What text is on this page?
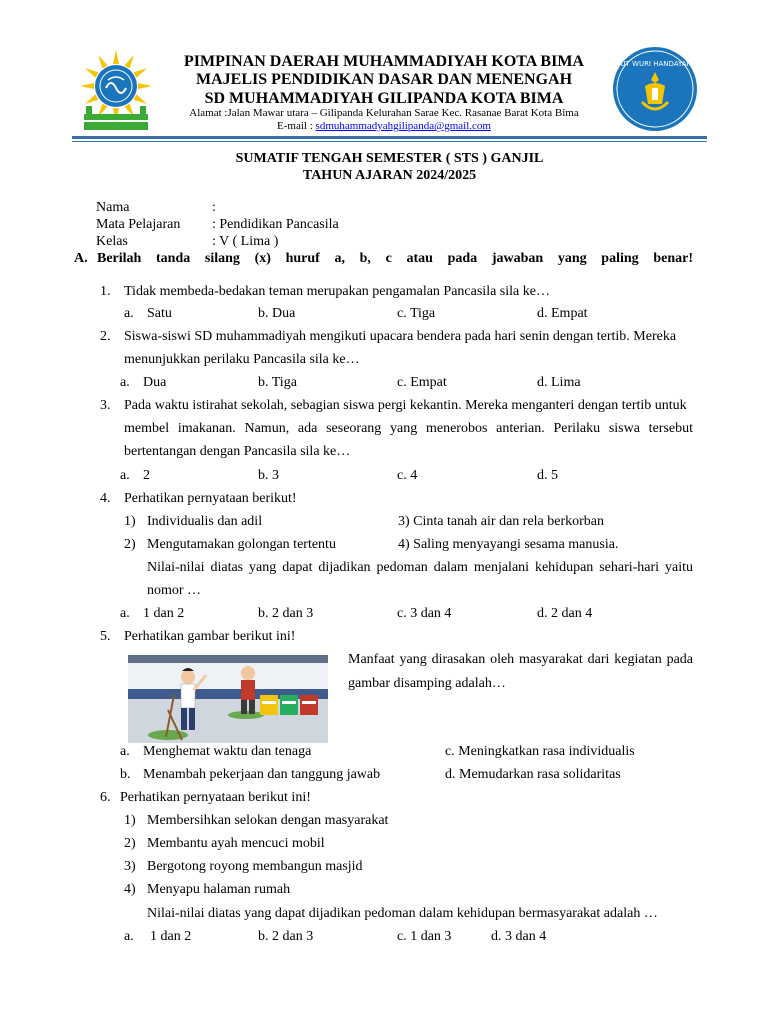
TUT WURI HANDAYANI
PIMPINAN DAERAH MUHAMMADIYAH KOTA BIMA
MAJELIS PENDIDIKAN DASAR DAN MENENGAH
SD MUHAMMADIYAH GILIPANDA KOTA BIMA
Alamat :Jalan Mawar utara – Gilipanda Kelurahan Sarae Kec. Rasanae Barat Kota Bima
E-mail : sdmuhammadyahgilipanda@gmail.com
SUMATIF TENGAH SEMESTER ( STS ) GANJIL
TAHUN AJARAN 2024/2025
Nama	:
Mata Pelajaran : Pendidikan Pancasila
Kelas	: V ( Lima )
A. Berilah tanda silang (x) huruf a, b, c atau pada jawaban yang paling benar!
1. Tidak membeda-bedakan teman merupakan pengamalan Pancasila sila ke…
a. Satu	b. Dua	c. Tiga	d. Empat
2. Siswa-siswi SD muhammadiyah mengikuti upacara bendera pada hari senin dengan tertib. Mereka
menunjukkan perilaku Pancasila sila ke…
a. Dua	b. Tiga	c. Empat	d. Lima
3. Pada waktu istirahat sekolah, sebagian siswa pergi kekantin. Mereka menganteri dengan tertib untuk
membel imakanan. Namun, ada seseorang yang menerobos anterian. Perilaku siswa tersebut
bertentangan dengan Pancasila sila ke…
a. 2	b. 3	c. 4	d. 5
4. Perhatikan pernyataan berikut!
1) Individualis dan adil	3) Cinta tanah air dan rela berkorban
2) Mengutamakan golongan tertentu	4) Saling menyayangi sesama manusia.
Nilai-nilai diatas yang dapat dijadikan pedoman dalam menjalani kehidupan sehari-hari yaitu
nomor …
a. 1 dan 2	b. 2 dan 3	c. 3 dan 4	d. 2 dan 4
5. Perhatikan gambar berikut ini!
Manfaat yang dirasakan oleh masyarakat dari kegiatan pada
gambar disamping adalah…
a. Menghemat waktu dan tenaga	c. Meningkatkan rasa individualis
b. Menambah pekerjaan dan tanggung jawab	d. Memudarkan rasa solidaritas
6. Perhatikan pernyataan berikut ini!
1) Membersihkan selokan dengan masyarakat
2) Membantu ayah mencuci mobil
3) Bergotong royong membangun masjid
4) Menyapu halaman rumah
Nilai-nilai diatas yang dapat dijadikan pedoman dalam kehidupan bermasyarakat adalah …
a. 1 dan 2	b. 2 dan 3	c. 1 dan 3	d. 3 dan 4
